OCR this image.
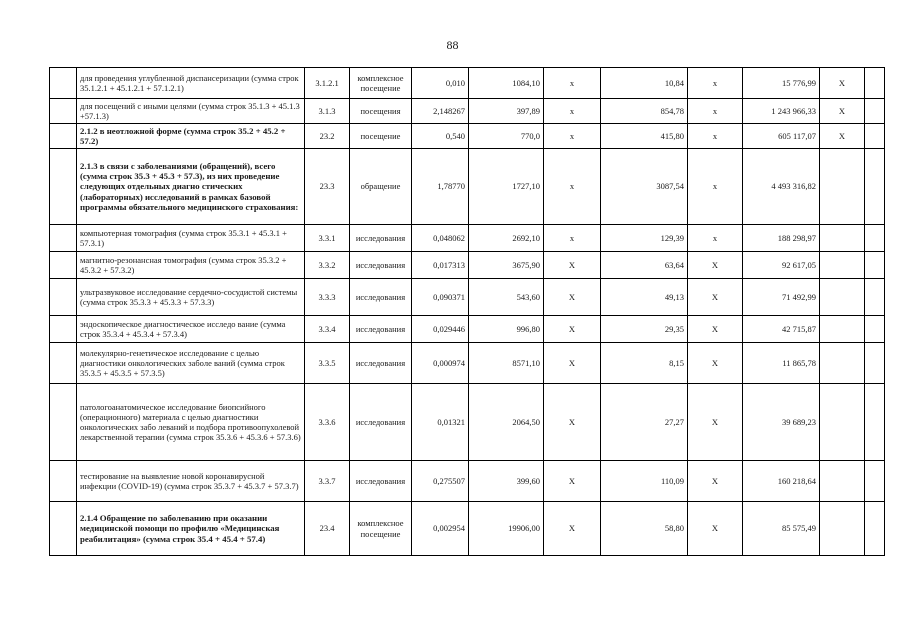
88
	для проведения углубленной диспансеризации (сумма строк 35.1.2.1 + 45.1.2.1 + 57.1.2.1)	3.1.2.1	комплексное посещение	0,010	1084,10	x	10,84	x	15 776,99	X	
	для посещений с иными целями (сумма строк 35.1.3 + 45.1.3 +57.1.3)	3.1.3	посещения	2,148267	397,89	x	854,78	x	1 243 966,33	X	
	2.1.2 в неотложной форме (сумма строк 35.2 + 45.2 + 57.2)	23.2	посещение	0,540	770,0	x	415,80	x	605 117,07	X	
	2.1.3 в связи с заболеваниями (обращений), всего (сумма строк 35.3 + 45.3 + 57.3), из них проведение следующих отдельных диагно стических (лабораторных) исследований в рамках базовой программы обязательного медицинского страхования:	23.3	обращение	1,78770	1727,10	x	3087,54	x	4 493 316,82		
	компьютерная томография (сумма строк 35.3.1 + 45.3.1 + 57.3.1)	3.3.1	исследования	0,048062	2692,10	x	129,39	x	188 298,97		
	магнитно-резонансная томография (сумма строк 35.3.2 + 45.3.2 + 57.3.2)	3.3.2	исследования	0,017313	3675,90	X	63,64	X	92 617,05		
	ультразвуковое исследование сердечно-сосудистой системы (сумма строк 35.3.3 + 45.3.3 + 57.3.3)	3.3.3	исследования	0,090371	543,60	X	49,13	X	71 492,99		
	эндоскопическое диагностическое исследо вание (сумма строк 35.3.4 + 45.3.4 + 57.3.4)	3.3.4	исследования	0,029446	996,80	X	29,35	X	42 715,87		
	молекулярно-генетическое исследование с целью диагностики онкологических заболе ваний (сумма строк 35.3.5 + 45.3.5 + 57.3.5)	3.3.5	исследования	0,000974	8571,10	X	8,15	X	11 865,78		
	патологоанатомическое исследование биопсийного (операционного) материала с целью диагностики онкологических забо леваний и подбора противоопухолевой лекарственной терапии (сумма строк 35.3.6 + 45.3.6 + 57.3.6)	3.3.6	исследования	0,01321	2064,50	X	27,27	X	39 689,23		
	тестирование на выявление новой коронавирусной инфекции (COVID-19) (сумма строк 35.3.7 + 45.3.7 + 57.3.7)	3.3.7	исследования	0,275507	399,60	X	110,09	X	160 218,64		
	2.1.4 Обращение по заболеванию при оказании медицинской помощи по профилю «Медицинская реабилитация» (сумма строк 35.4 + 45.4 + 57.4)	23.4	комплексное посещение	0,002954	19906,00	X	58,80	X	85 575,49		
